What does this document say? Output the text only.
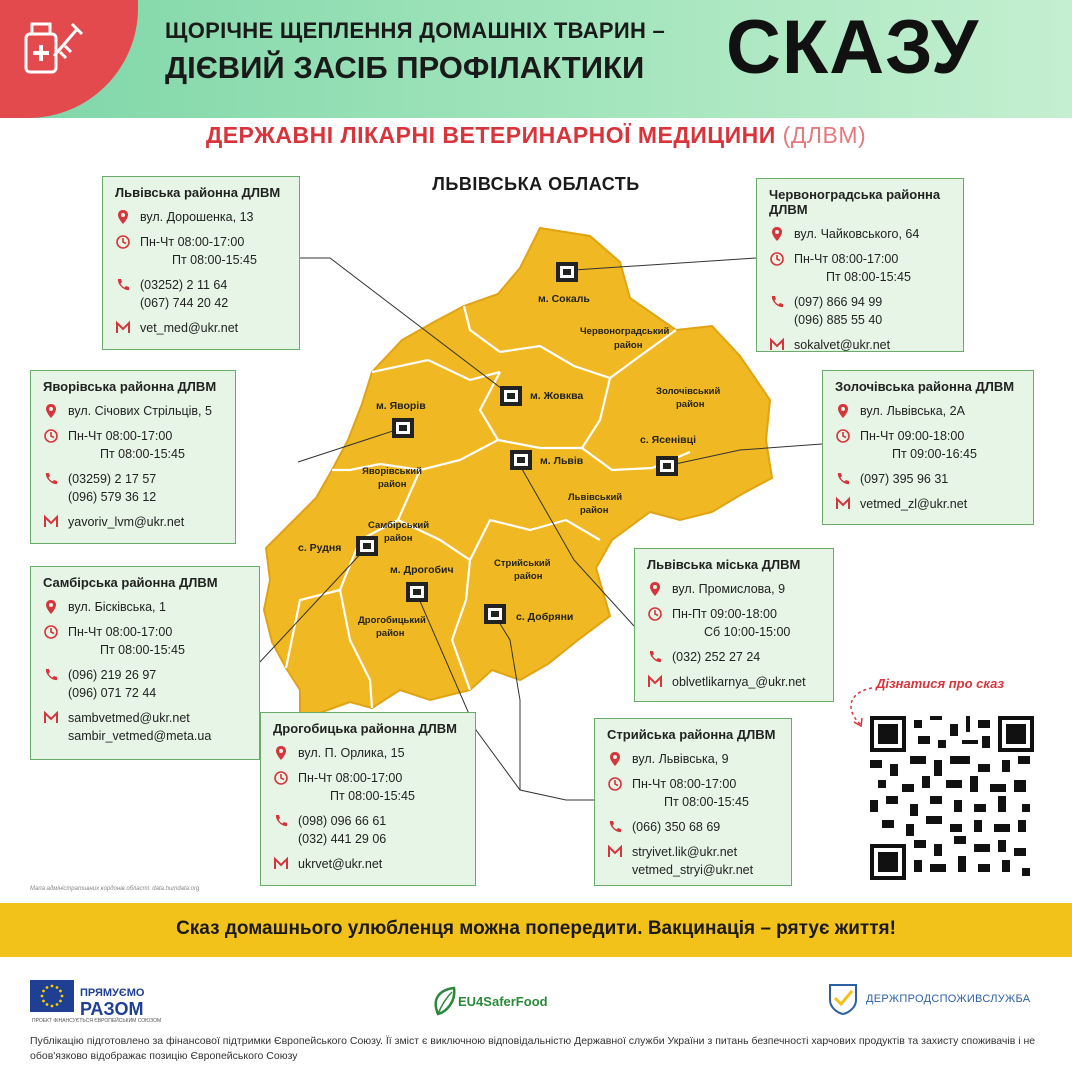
ЩОРІЧНЕ ЩЕПЛЕННЯ ДОМАШНІХ ТВАРИН –
ДІЄВИЙ ЗАСІБ ПРОФІЛАКТИКИ СКАЗУ
ДЕРЖАВНІ ЛІКАРНІ ВЕТЕРИНАРНОЇ МЕДИЦИНИ (ДЛВМ)
ЛЬВІВСЬКА ОБЛАСТЬ
м. Сокаль
Червоноградський
район
м. Жовква
м. Яворів
Золочівський
район
с. Ясенівці
м. Львів
Яворівський
район
Львівський
район
Самбірський
район
с. Рудня
м. Дрогобич
Стрийський
район
Дрогобицький
район
с. Добряни
Львівська районна ДЛВМ
вул. Дорошенка, 13
Пн-Чт 08:00-17:00
Пт 08:00-15:45
(03252) 2 11 64
(067) 744 20 42
vet_med@ukr.net
Червоноградська районна ДЛВМ
вул. Чайковського, 64
Пн-Чт 08:00-17:00
Пт 08:00-15:45
(097) 866 94 99
(096) 885 55 40
sokalvet@ukr.net
Яворівська районна ДЛВМ
вул. Січових Стрільців, 5
Пн-Чт 08:00-17:00
Пт 08:00-15:45
(03259) 2 17 57
(096) 579 36 12
yavoriv_lvm@ukr.net
Золочівська районна ДЛВМ
вул. Львівська, 2А
Пн-Чт 09:00-18:00
Пт 09:00-16:45
(097) 395 96 31
vetmed_zl@ukr.net
Самбірська районна ДЛВМ
вул. Бісківська, 1
Пн-Чт 08:00-17:00
Пт 08:00-15:45
(096) 219 26 97
(096) 071 72 44
sambvetmed@ukr.net
sambir_vetmed@meta.ua
Львівська міська ДЛВМ
вул. Промислова, 9
Пн-Пт 09:00-18:00
Сб 10:00-15:00
(032) 252 27 24
oblvetlikarnya_@ukr.net
Дрогобицька районна ДЛВМ
вул. П. Орлика, 15
Пн-Чт 08:00-17:00
Пт 08:00-15:45
(098) 096 66 61
(032) 441 29 06
ukrvet@ukr.net
Стрийська районна ДЛВМ
вул. Львівська, 9
Пн-Чт 08:00-17:00
Пт 08:00-15:45
(066) 350 68 69
stryivet.lik@ukr.net
vetmed_stryi@ukr.net
Дізнатися про сказ
Мапа адміністративних кордонів області: data.humdata.org
Сказ домашнього улюбленця можна попередити. Вакцинація – рятує життя!
ПРЯМУЄМО
РАЗОМ
ПРОЕКТ ФІНАНСУЄТЬСЯ ЄВРОПЕЙСЬКИМ СОЮЗОМ
EU4SaferFood	ДЕРЖПРОДСПОЖИВСЛУЖБА
Публікацію підготовлено за фінансової підтримки Європейського Союзу. Її зміст є виключною відповідальністю Державної служби України з питань безпечності харчових продуктів та захисту споживачів і не обов'язково відображає позицію Європейського Союзу
